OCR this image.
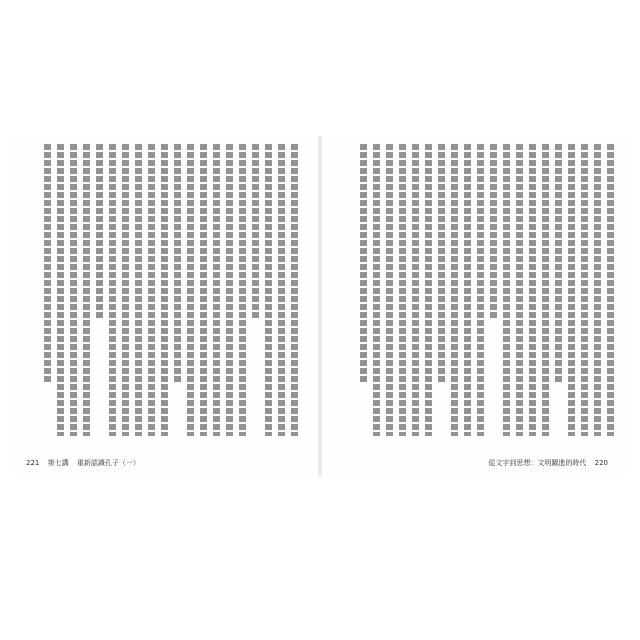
221 第七講 重新認識孔子（一）	從文字到思想：文明躍進的時代 220
